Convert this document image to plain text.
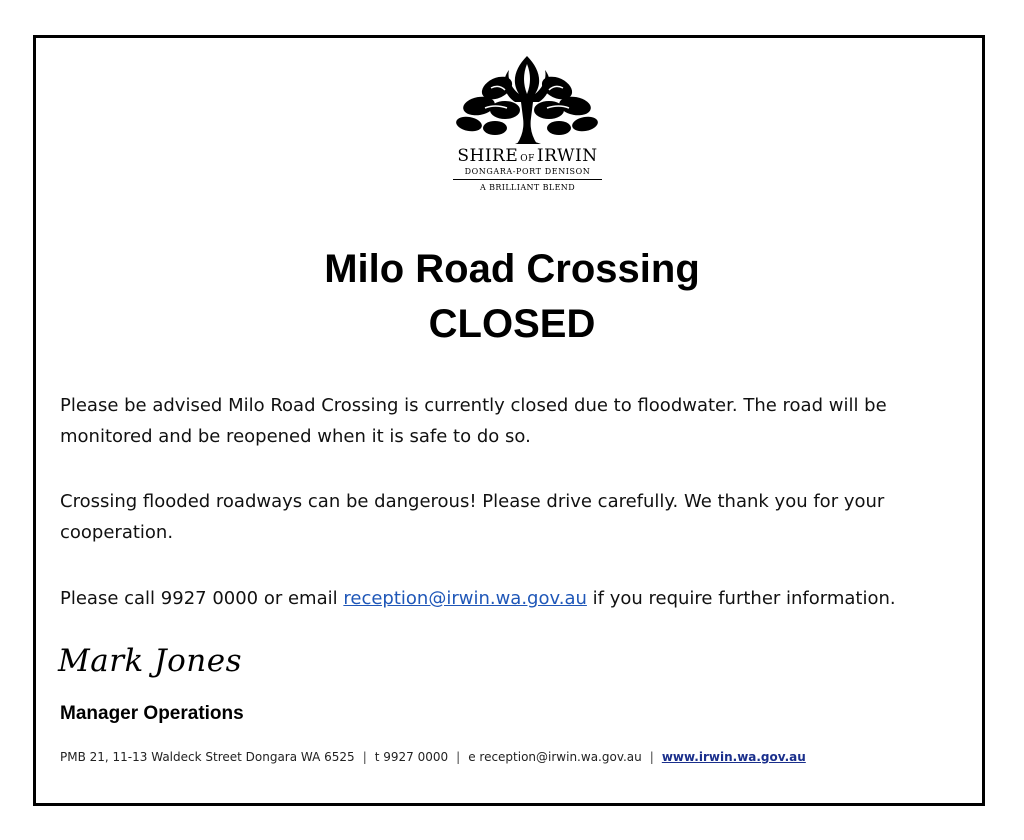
SHIRE OF IRWIN
DONGARA-PORT DENISON
A BRILLIANT BLEND
Milo Road Crossing
CLOSED
Please be advised Milo Road Crossing is currently closed due to floodwater. The road will be monitored and be reopened when it is safe to do so.
Crossing flooded roadways can be dangerous! Please drive carefully. We thank you for your cooperation.
Please call 9927 0000 or email reception@irwin.wa.gov.au if you require further information.
Mark Jones
Manager Operations
PMB 21, 11-13 Waldeck Street Dongara WA 6525 | t 9927 0000 | e reception@irwin.wa.gov.au | www.irwin.wa.gov.au
